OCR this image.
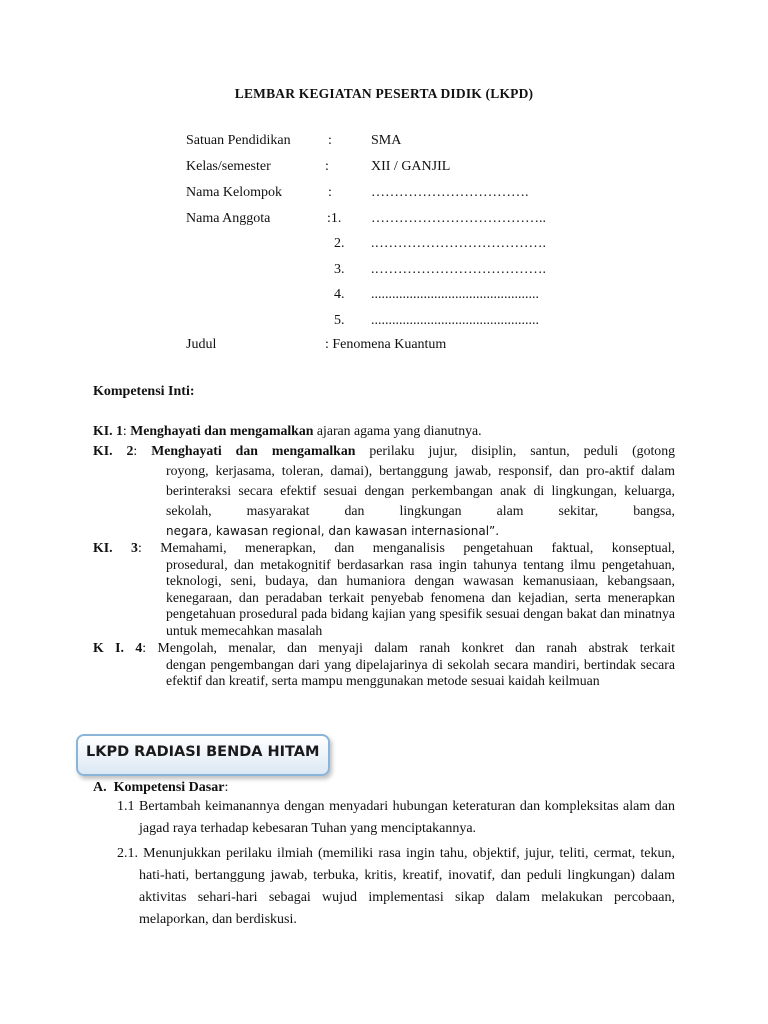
LEMBAR KEGIATAN PESERTA DIDIK (LKPD)
Satuan Pendidikan	:	SMA
Kelas/semester	:	XII / GANJIL
Nama Kelompok	:	…………………………….
Nama Anggota	:1. ………………………………..
2. .……………………………….
3. .……………………………….
4. ................................................
5. ................................................
Judul	: Fenomena Kuantum
Kompetensi Inti:
KI. 1: Menghayati dan mengamalkan ajaran agama yang dianutnya.
KI. 2: Menghayati dan mengamalkan perilaku jujur, disiplin, santun, peduli (gotong
royong, kerjasama, toleran, damai), bertanggung jawab, responsif, dan pro-aktif dalam berinteraksi secara efektif sesuai dengan perkembangan anak di lingkungan, keluarga, sekolah, masyarakat dan lingkungan alam sekitar, bangsa,
negara, kawasan regional, dan kawasan internasional”.
KI. 3: Memahami, menerapkan, dan menganalisis pengetahuan faktual, konseptual,
prosedural, dan metakognitif berdasarkan rasa ingin tahunya tentang ilmu pengetahuan, teknologi, seni, budaya, dan humaniora dengan wawasan kemanusiaan, kebangsaan, kenegaraan, dan peradaban terkait penyebab fenomena dan kejadian, serta menerapkan pengetahuan prosedural pada bidang kajian yang spesifik sesuai dengan bakat dan minatnya untuk memecahkan masalah
K I. 4: Mengolah, menalar, dan menyaji dalam ranah konkret dan ranah abstrak terkait
dengan pengembangan dari yang dipelajarinya di sekolah secara mandiri, bertindak secara efektif dan kreatif, serta mampu menggunakan metode sesuai kaidah keilmuan
LKPD RADIASI BENDA HITAM
A. Kompetensi Dasar:
1.1 Bertambah keimanannya dengan menyadari hubungan keteraturan dan kompleksitas alam dan jagad raya terhadap kebesaran Tuhan yang menciptakannya.
2.1. Menunjukkan perilaku ilmiah (memiliki rasa ingin tahu, objektif, jujur, teliti, cermat, tekun, hati-hati, bertanggung jawab, terbuka, kritis, kreatif, inovatif, dan peduli lingkungan) dalam aktivitas sehari-hari sebagai wujud implementasi sikap dalam melakukan percobaan, melaporkan, dan berdiskusi.
